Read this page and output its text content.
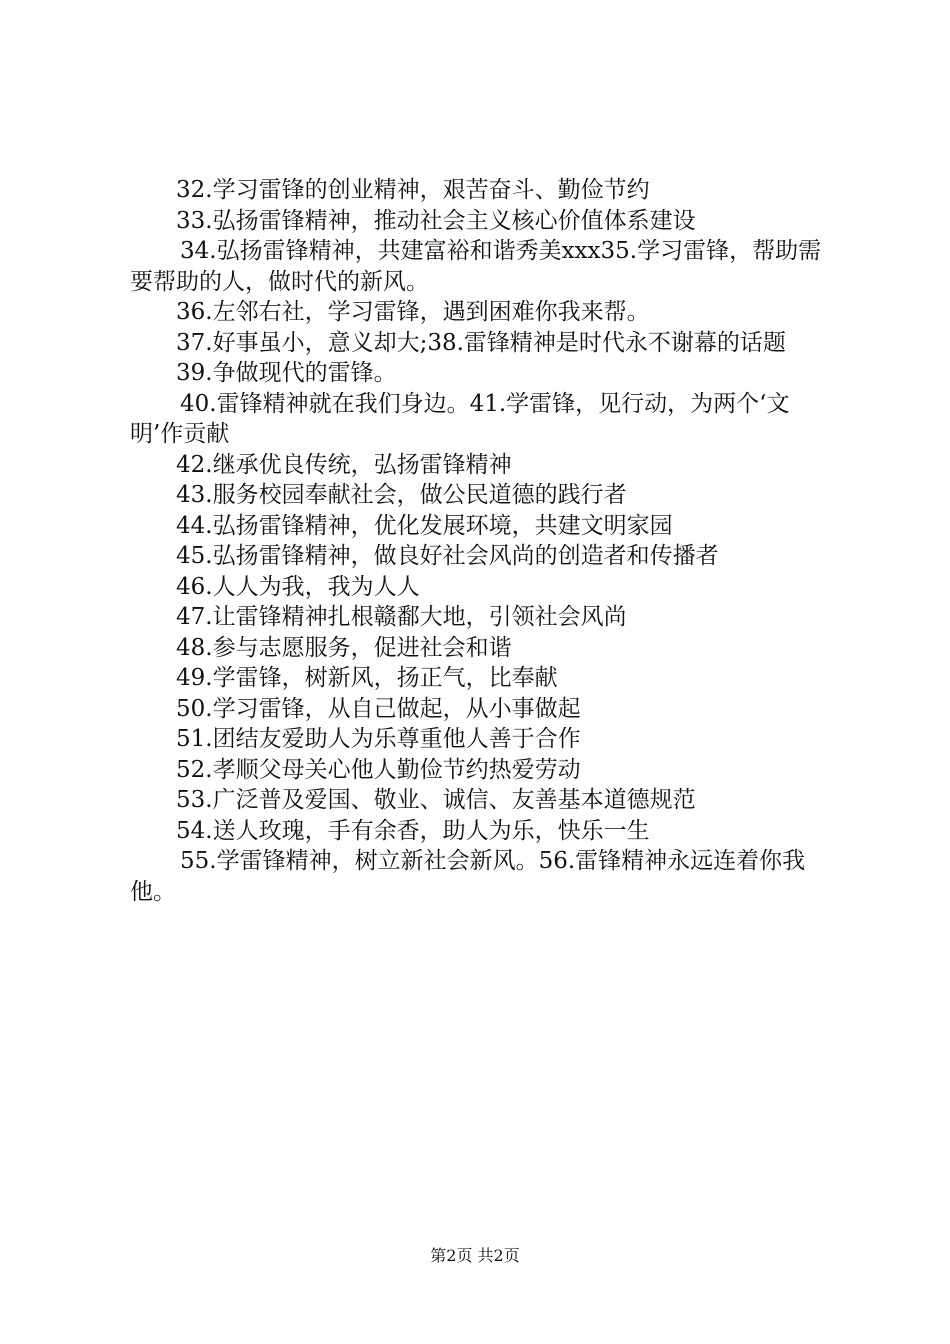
32.学习雷锋的创业精神，艰苦奋斗、勤俭节约

33.弘扬雷锋精神，推动社会主义核心价值体系建设

34.弘扬雷锋精神，共建富裕和谐秀美xxx35.学习雷锋，帮助需要帮助的人，做时代的新风。

36.左邻右社，学习雷锋，遇到困难你我来帮。

37.好事虽小，意义却大;38.雷锋精神是时代永不谢幕的话题

39.争做现代的雷锋。

40.雷锋精神就在我们身边。41.学雷锋，见行动，为两个‘文明’作贡献

42.继承优良传统，弘扬雷锋精神

43.服务校园奉献社会，做公民道德的践行者

44.弘扬雷锋精神，优化发展环境，共建文明家园

45.弘扬雷锋精神，做良好社会风尚的创造者和传播者

46.人人为我，我为人人

47.让雷锋精神扎根赣鄱大地，引领社会风尚

48.参与志愿服务，促进社会和谐

49.学雷锋，树新风，扬正气，比奉献

50.学习雷锋，从自己做起，从小事做起

51.团结友爱助人为乐尊重他人善于合作

52.孝顺父母关心他人勤俭节约热爱劳动

53.广泛普及爱国、敬业、诚信、友善基本道德规范

54.送人玫瑰，手有余香，助人为乐，快乐一生

55.学雷锋精神，树立新社会新风。56.雷锋精神永远连着你我他。

第2页 共2页
